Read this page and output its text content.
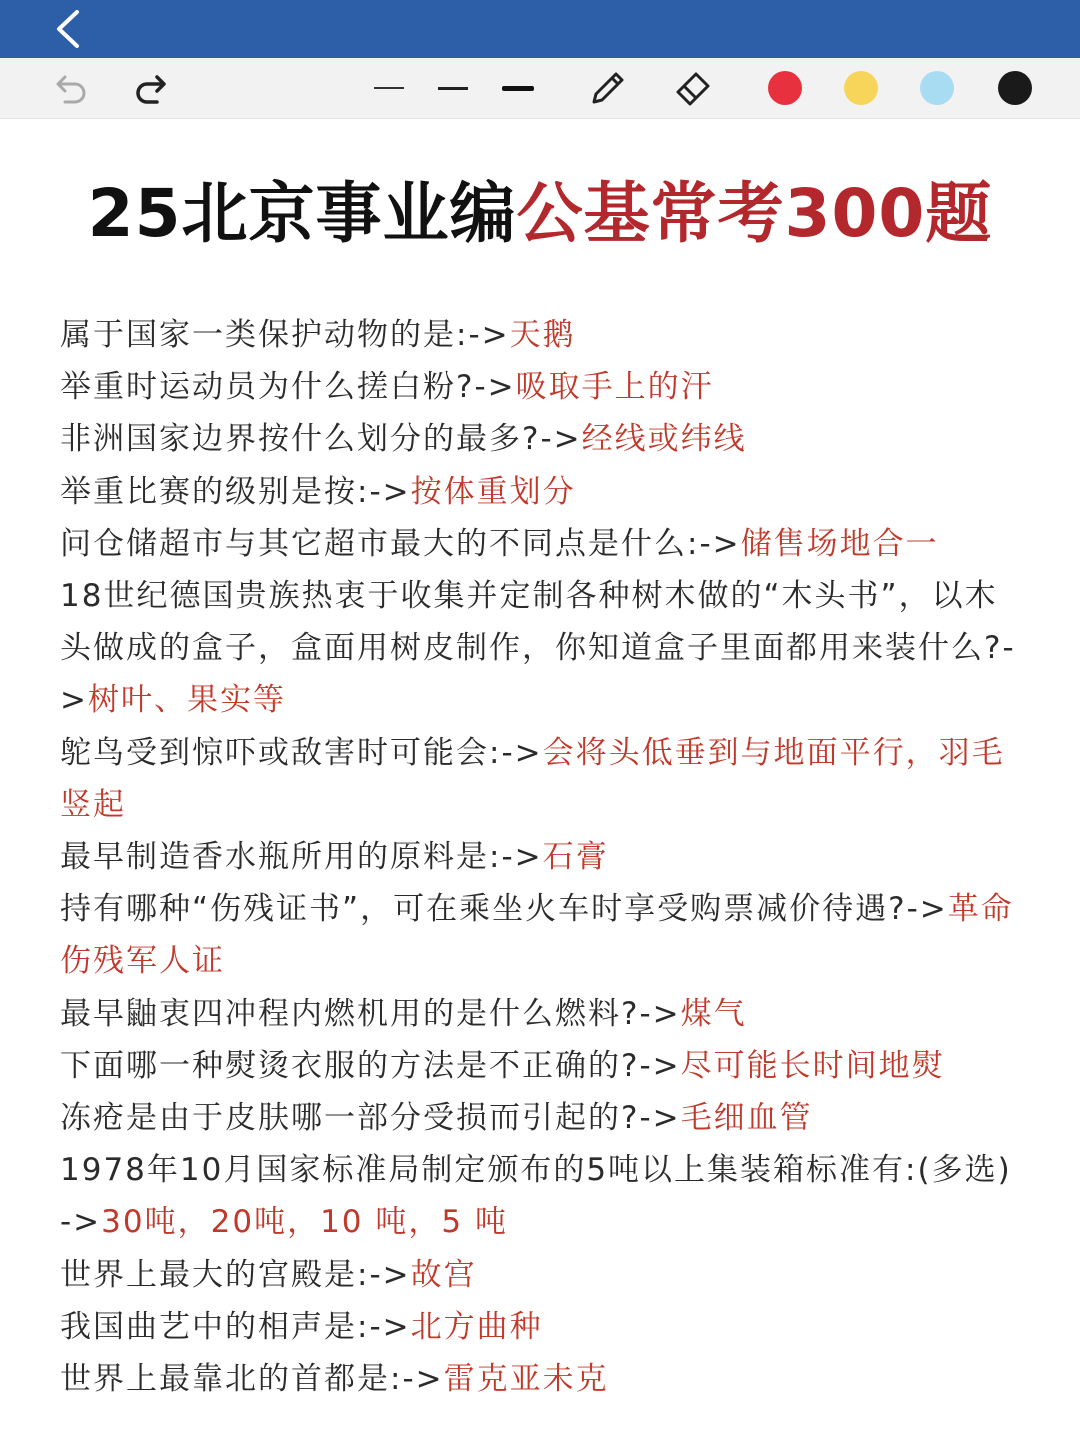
25北京事业编公基常考300题

属于国家一类保护动物的是:->天鹅

举重时运动员为什么搓白粉?->吸取手上的汗

非洲国家边界按什么划分的最多?->经线或纬线

举重比赛的级别是按:->按体重划分

问仓储超市与其它超市最大的不同点是什么:->储售场地合一

18世纪德国贵族热衷于收集并定制各种树木做的“木头书”，以木头做成的盒子，盒面用树皮制作，你知道盒子里面都用来装什么?->树叶、果实等

鸵鸟受到惊吓或敌害时可能会:->会将头低垂到与地面平行，羽毛竖起

最早制造香水瓶所用的原料是:->石膏

持有哪种“伤残证书”，可在乘坐火车时享受购票减价待遇?->革命伤残军人证

最早鼬衷四冲程内燃机用的是什么燃料?->煤气

下面哪一种熨烫衣服的方法是不正确的?->尽可能长时间地熨

冻疮是由于皮肤哪一部分受损而引起的?->毛细血管

1978年10月国家标准局制定颁布的5吨以上集装箱标准有:(多选)->30吨，20吨，10 吨，5 吨

世界上最大的宫殿是:->故宫

我国曲艺中的相声是:->北方曲种

世界上最靠北的首都是:->雷克亚未克
